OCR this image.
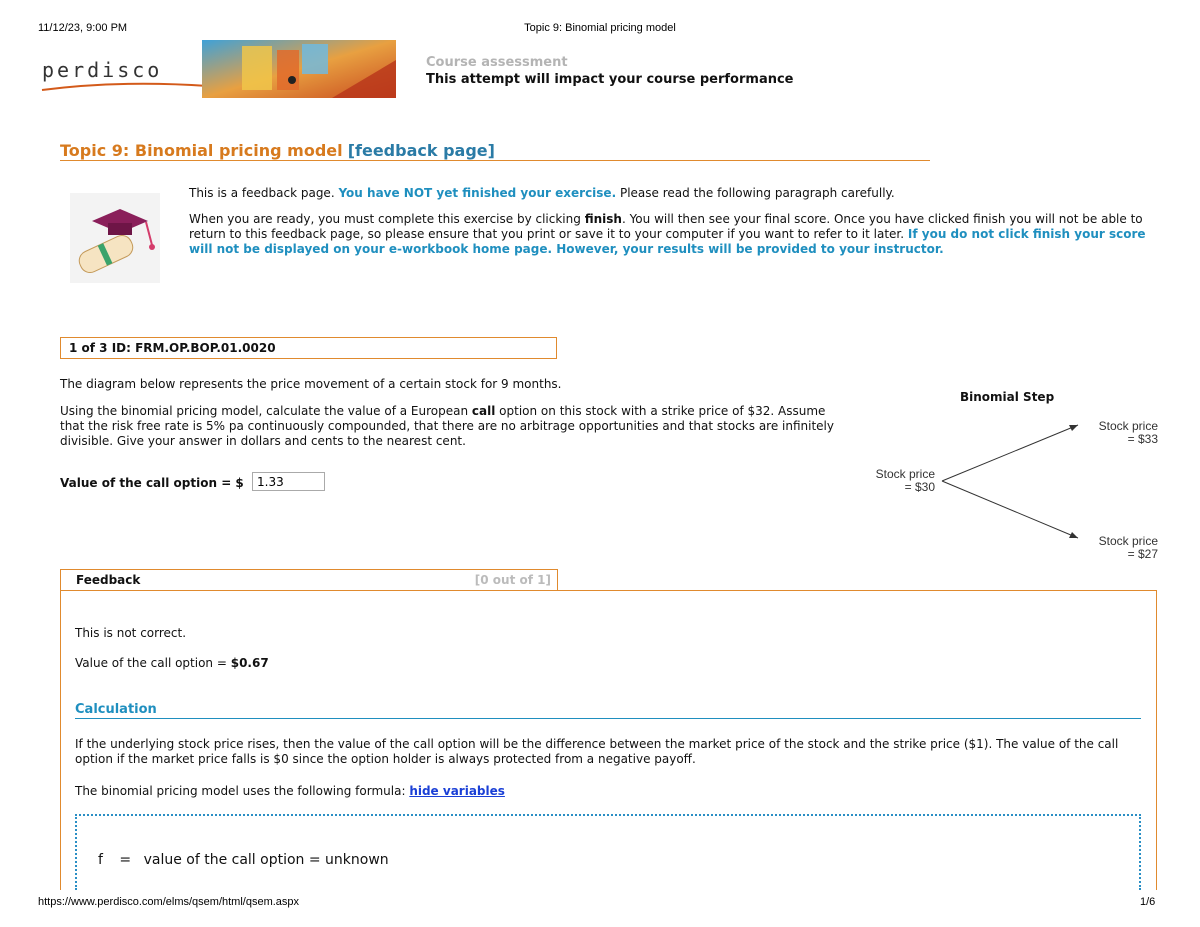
11/12/23, 9:00 PM	Topic 9: Binomial pricing model
perdisco	Course assessment
This attempt will impact your course performance
Topic 9: Binomial pricing model [feedback page]
This is a feedback page. You have NOT yet finished your exercise. Please read the following paragraph carefully.
When you are ready, you must complete this exercise by clicking finish. You will then see your final score. Once you have clicked finish you will not be able to return to this feedback page, so please ensure that you print or save it to your computer if you want to refer to it later. If you do not click finish your score will not be displayed on your e-workbook home page. However, your results will be provided to your instructor.
1 of 3 ID: FRM.OP.BOP.01.0020
The diagram below represents the price movement of a certain stock for 9 months.
Using the binomial pricing model, calculate the value of a European call option on this stock with a strike price of $32. Assume that the risk free rate is 5% pa continuously compounded, that there are no arbitrage opportunities and that stocks are infinitely divisible. Give your answer in dollars and cents to the nearest cent.
Value of the call option = $
1.33
Binomial Step
Stock price
= $30
Stock price
= $33
Stock price
= $27
Feedback	[0 out of 1]
This is not correct.
Value of the call option = $0.67
Calculation
If the underlying stock price rises, then the value of the call option will be the difference between the market price of the stock and the strike price ($1). The value of the call option if the market price falls is $0 since the option holder is always protected from a negative payoff.
The binomial pricing model uses the following formula: hide variables
f = value of the call option = unknown
https://www.perdisco.com/elms/qsem/html/qsem.aspx	1/6
